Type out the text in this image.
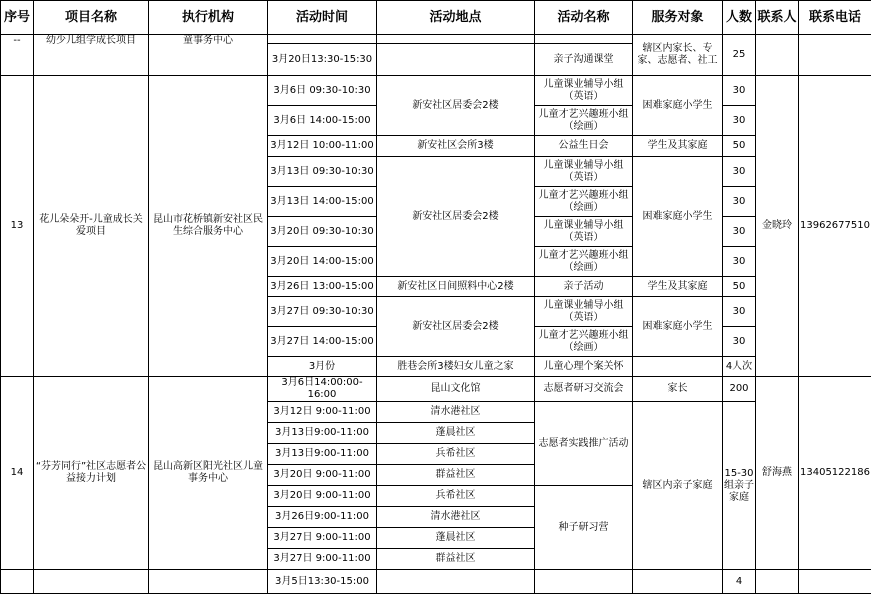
序号	项目名称	执行机构	活动时间	活动地点	活动名称	服务对象	人数	联系人	联系电话
--	幼少儿组学成长项目	童事务中心				辖区内家长、专家、志愿者、社工	25		
			3月20日13:30-15:30		亲子沟通课堂				
13	花儿朵朵开-儿童成长关爱项目	昆山市花桥镇新安社区民生综合服务中心	3月6日 09:30-10:30	新安社区居委会2楼	儿童课业辅导小组（英语）	困难家庭小学生	30	金晓玲	13962677510
			3月6日 14:00-15:00		儿童才艺兴趣班小组（绘画）		30		
			3月12日 10:00-11:00	新安社区会所3楼	公益生日会	学生及其家庭	50		
			3月13日 09:30-10:30	新安社区居委会2楼	儿童课业辅导小组（英语）	困难家庭小学生	30		
			3月13日 14:00-15:00		儿童才艺兴趣班小组（绘画）		30		
			3月20日 09:30-10:30		儿童课业辅导小组（英语）		30		
			3月20日 14:00-15:00		儿童才艺兴趣班小组（绘画）		30		
			3月26日 13:00-15:00	新安社区日间照料中心2楼	亲子活动	学生及其家庭	50		
			3月27日 09:30-10:30	新安社区居委会2楼	儿童课业辅导小组（英语）	困难家庭小学生	30		
			3月27日 14:00-15:00		儿童才艺兴趣班小组（绘画）		30		
			3月份	胜巷会所3楼妇女儿童之家	儿童心理个案关怀		4人次		
14	“芬芳同行”社区志愿者公益接力计划	昆山高新区阳光社区儿童事务中心	3月6日14:00:00-16:00	昆山文化馆	志愿者研习交流会	家长	200	舒海燕	13405122186
			3月12日 9:00-11:00	清水港社区	志愿者实践推广活动	辖区内亲子家庭	15-30组亲子家庭		
			3月13日9:00-11:00	蓬晨社区					
			3月13日9:00-11:00	兵希社区					
			3月20日 9:00-11:00	群益社区					
			3月20日 9:00-11:00	兵希社区	种子研习营				
			3月26日9:00-11:00	清水港社区					
			3月27日 9:00-11:00	蓬晨社区					
			3月27日 9:00-11:00	群益社区					
			3月5日13:30-15:00				4		
